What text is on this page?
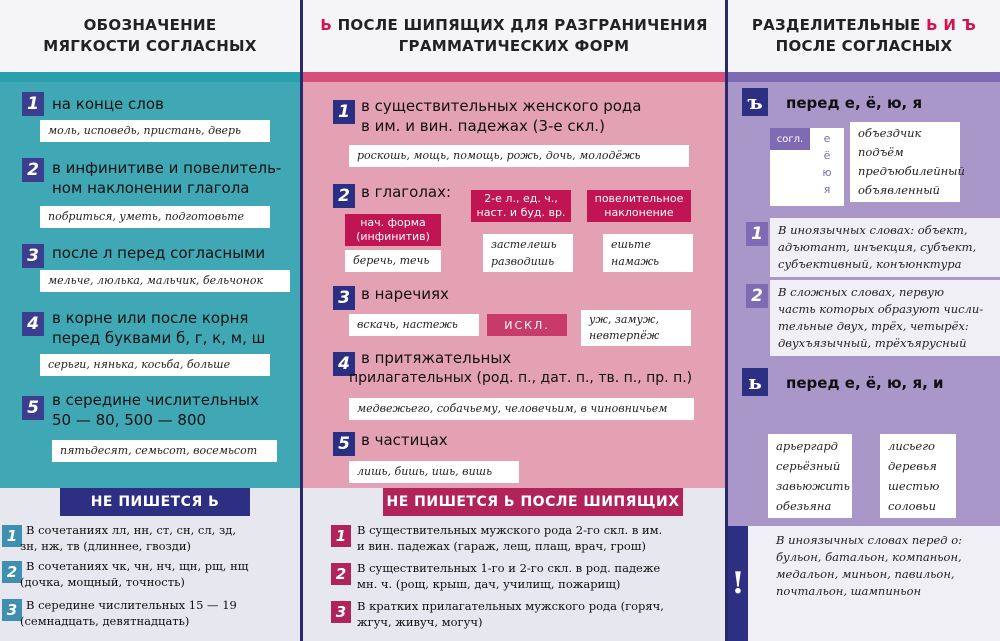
ОБОЗНАЧЕНИЕ
МЯГКОСТИ СОГЛАСНЫХ
1 на конце слов
моль, исповедь, пристань, дверь
2 в инфинитиве и повелитель-
ном наклонении глагола
побриться, уметь, подготовьте
3 после л перед согласными
мельче, люлька, мальчик, бельчонок
4 в корне или после корня
перед буквами б, г, к, м, ш
серьги, нянька, косьба, больше
5 в середине числительных
50 — 80, 500 — 800
пятьдесят, семьсот, восемьсот
НЕ ПИШЕТСЯ Ь
1 В сочетаниях лл, нн, ст, сн, сл, зд,
зн, нж, тв (длиннее, гвозди)
2 В сочетаниях чк, чн, нч, щн, рщ, нщ
(дочка, мощный, точность)
3 В середине числительных 15 — 19
(семнадцать, девятнадцать)
Ь ПОСЛЕ ШИПЯЩИХ ДЛЯ РАЗГРАНИЧЕНИЯ
ГРАММАТИЧЕСКИХ ФОРМ
1 в существительных женского рода
в им. и вин. падежах (3-е скл.)
роскошь, мощь, помощь, рожь, дочь, молодёжь
2 в глаголах:
нач. форма (инфинитив)
беречь, течь
2-е л., ед. ч., наст. и буд. вр.
застелешь
разводишь
повелительное наклонение
ешьте
намажь
3 в наречиях
вскачь, настежь	ИСКЛ.	уж, замуж,
невтерпёж
4 в притяжательных
прилагательных (род. п., дат. п., тв. п., пр. п.)
медвежьего, собачьему, человечьим, в чиновничьем
5 в частицах
лишь, бишь, ишь, вишь
НЕ ПИШЕТСЯ Ь ПОСЛЕ ШИПЯЩИХ
1 В существительных мужского рода 2-го скл. в им.
и вин. падежах (гараж, лещ, плащ, врач, грош)
2 В существительных 1-го и 2-го скл. в род. падеже
мн. ч. (рощ, крыш, дач, училищ, пожарищ)
3 В кратких прилагательных мужского рода (горяч,
жгуч, живуч, могуч)
РАЗДЕЛИТЕЛЬНЫЕ Ь И Ъ
ПОСЛЕ СОГЛАСНЫХ
ъ	перед е, ё, ю, я
согл.	е
ё
ю
я
объездчик
подъём
предъюбилейный
объявленный
1	В иноязычных словах: объект,
адъютант, инъекция, субъект,
субъективный, конъюнктура
2	В сложных словах, первую
часть которых образуют числи-
тельные двух, трёх, четырёх:
двухъязычный, трёхъярусный
ь	перед е, ё, ю, я, и
арьергард
серьёзный
завьюжить
обезьяна
лисьего
деревья
шестью
соловьи
!
В иноязычных словах перед о:
бульон, батальон, компаньон,
медальон, миньон, павильон,
почтальон, шампиньон
